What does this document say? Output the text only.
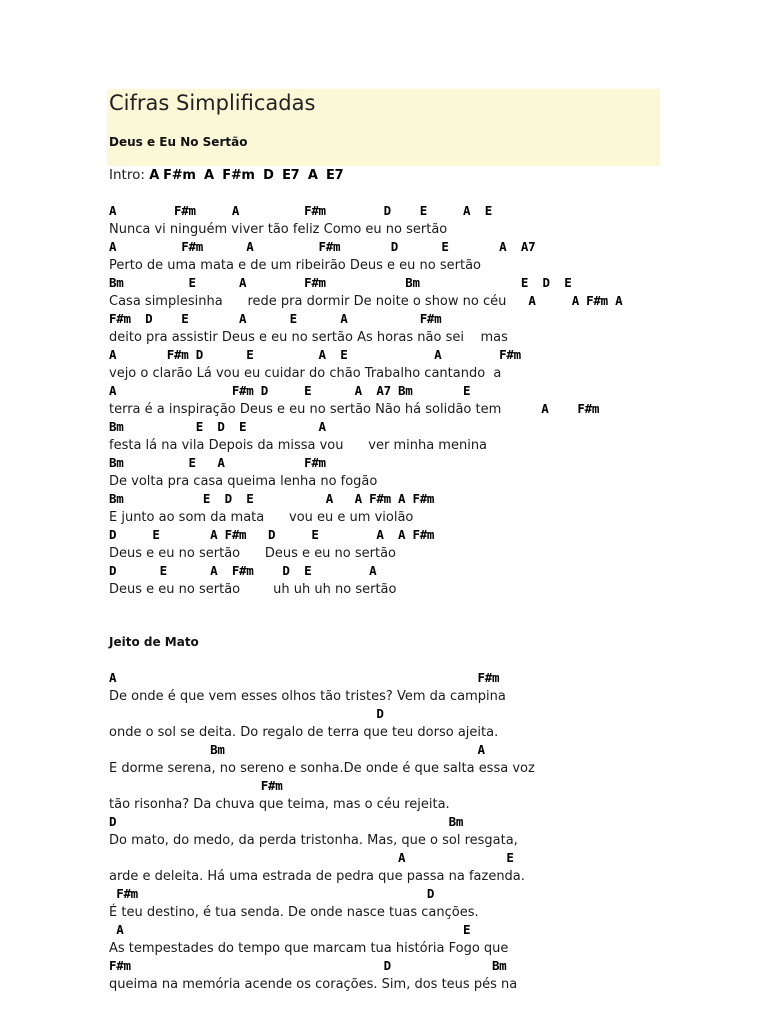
Cifras Simplificadas
Deus e Eu No Sertão
Intro: A F#m  A  F#m  D  E7  A  E7
A        F#m     A         F#m        D    E     A  E
Nunca vi ninguém viver tão feliz Como eu no sertão
A         F#m      A         F#m       D      E       A  A7
Perto de uma mata e de um ribeirão Deus e eu no sertão
Bm         E      A        F#m           Bm              E  D  E
Casa simplesinha      rede pra dormir De noite o show no céu A     A F#m A
F#m  D    E       A      E      A          F#m
deito pra assistir Deus e eu no sertão As horas não sei    mas
A       F#m D      E         A  E            A        F#m
vejo o clarão Lá vou eu cuidar do chão Trabalho cantando  a
A                F#m D     E      A  A7 Bm       E
terra é a inspiração Deus e eu no sertão Não há solidão tem	A    F#m
Bm          E  D  E          A
festa lá na vila Depois da missa vou      ver minha menina
Bm         E   A           F#m
De volta pra casa queima lenha no fogão
Bm           E  D  E          A   A F#m A F#m
E junto ao som da mata      vou eu e um violão
D     E       A F#m   D     E        A  A F#m
Deus e eu no sertão      Deus e eu no sertão
D      E      A  F#m    D  E        A
Deus e eu no sertão        uh uh uh no sertão
Jeito de Mato
A                                                  F#m
De onde é que vem esses olhos tão tristes? Vem da campina
D
onde o sol se deita. Do regalo de terra que teu dorso ajeita.
Bm                                   A
E dorme serena, no sereno e sonha.De onde é que salta essa voz
F#m
tão risonha? Da chuva que teima, mas o céu rejeita.
D                                              Bm
Do mato, do medo, da perda tristonha. Mas, que o sol resgata,
A              E
arde e deleita. Há uma estrada de pedra que passa na fazenda.
F#m                                        D
É teu destino, é tua senda. De onde nasce tuas canções.
A                                               E
As tempestades do tempo que marcam tua história Fogo que
F#m                                   D              Bm
queima na memória acende os corações. Sim, dos teus pés na
